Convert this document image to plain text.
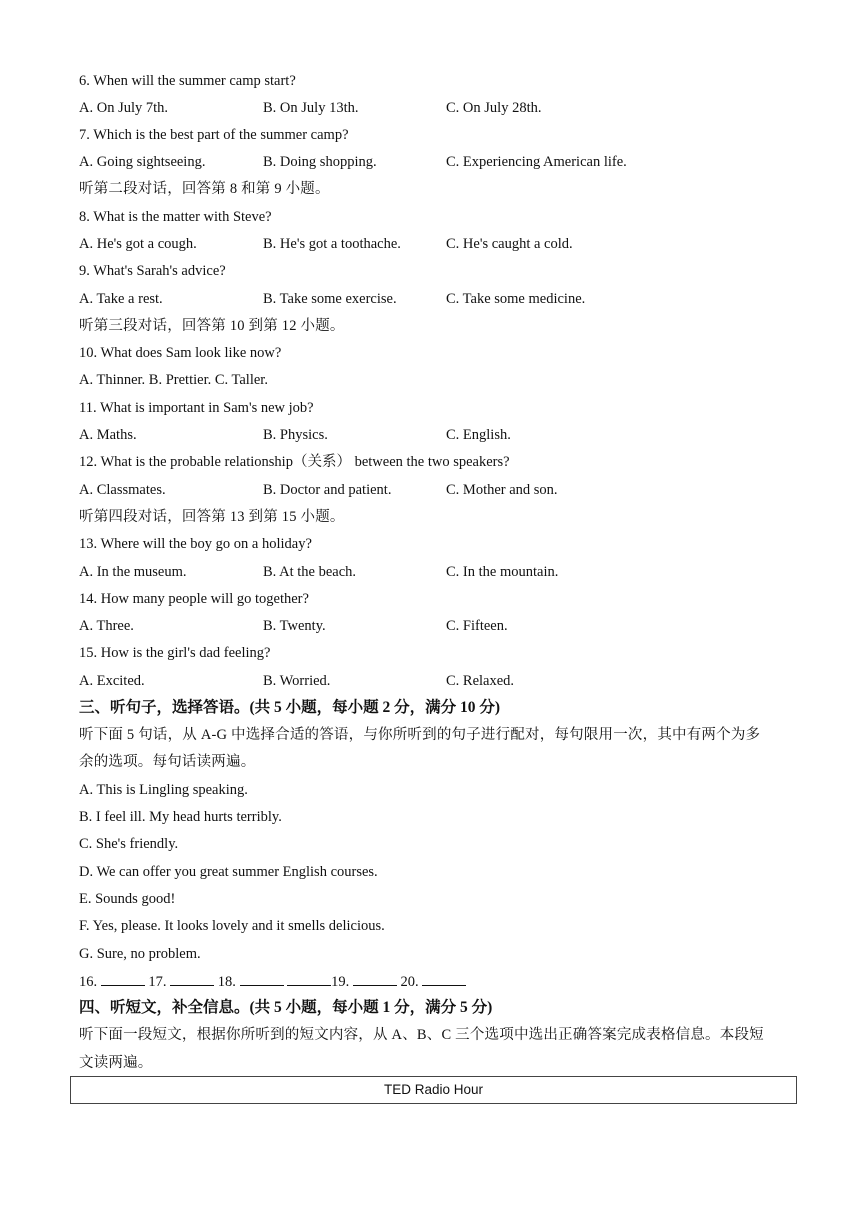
6. When will the summer camp start?
A. On July 7th.	B. On July 13th.	C. On July 28th.
7. Which is the best part of the summer camp?
A. Going sightseeing.	B. Doing shopping.	C. Experiencing American life.
听第二段对话，回答第 8 和第 9 小题。
8. What is the matter with Steve?
A. He's got a cough.	B. He's got a toothache.	C. He's caught a cold.
9. What's Sarah's advice?
A. Take a rest.	B. Take some exercise.	C. Take some medicine.
听第三段对话，回答第 10 到第 12 小题。
10. What does Sam look like now?
A. Thinner. B. Prettier. C. Taller.
11. What is important in Sam's new job?
A. Maths.	B. Physics.	C. English.
12. What is the probable relationship（关系） between the two speakers?
A. Classmates.	B. Doctor and patient.	C. Mother and son.
听第四段对话，回答第 13 到第 15 小题。
13. Where will the boy go on a holiday?
A. In the museum.	B. At the beach.	C. In the mountain.
14. How many people will go together?
A. Three.	B. Twenty.	C. Fifteen.
15. How is the girl's dad feeling?
A. Excited.	B. Worried.	C. Relaxed.
三、听句子，选择答语。(共 5 小题，每小题 2 分，满分 10 分)
听下面 5 句话，从 A-G 中选择合适的答语，与你所听到的句子进行配对，每句限用一次，其中有两个为多
余的选项。每句话读两遍。
A. This is Lingling speaking.
B. I feel ill. My head hurts terribly.
C. She's friendly.
D. We can offer you great summer English courses.
E. Sounds good!
F. Yes, please. It looks lovely and it smells delicious.
G. Sure, no problem.
16.	17.	18.	19.	20.
四、听短文，补全信息。(共 5 小题，每小题 1 分，满分 5 分)
听下面一段短文，根据你所听到的短文内容，从 A、B、C 三个选项中选出正确答案完成表格信息。本段短
文读两遍。
TED Radio Hour
